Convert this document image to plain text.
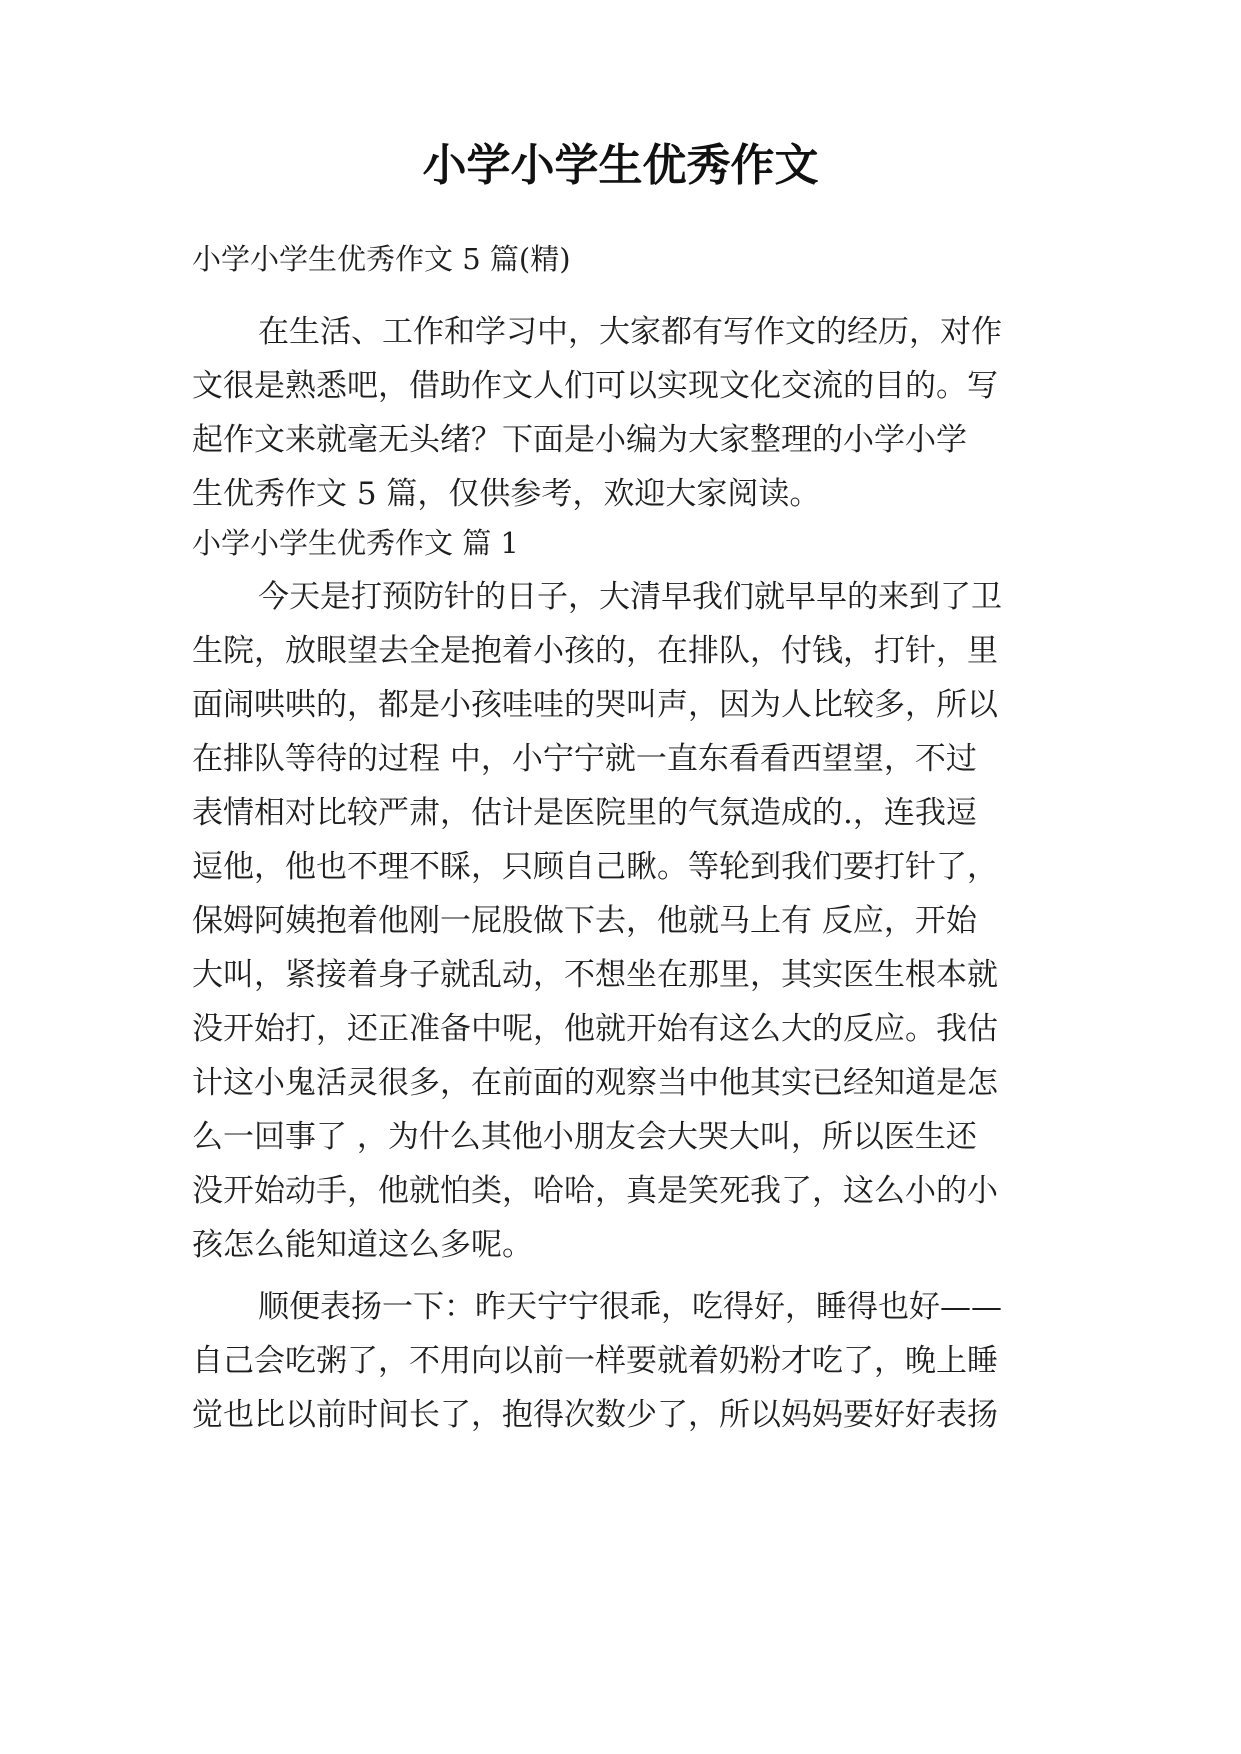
小学小学生优秀作文
小学小学生优秀作文 5 篇(精)
在生活、工作和学习中，大家都有写作文的经历，对作
文很是熟悉吧，借助作文人们可以实现文化交流的目的。写
起作文来就毫无头绪？下面是小编为大家整理的小学小学
生优秀作文 5 篇，仅供参考，欢迎大家阅读。
小学小学生优秀作文 篇 1
今天是打预防针的日子，大清早我们就早早的来到了卫
生院，放眼望去全是抱着小孩的，在排队，付钱，打针，里
面闹哄哄的，都是小孩哇哇的哭叫声，因为人比较多，所以
在排队等待的过程 中，小宁宁就一直东看看西望望，不过
表情相对比较严肃，估计是医院里的气氛造成的.，连我逗
逗他，他也不理不睬，只顾自己瞅。等轮到我们要打针了，
保姆阿姨抱着他刚一屁股做下去，他就马上有 反应，开始
大叫，紧接着身子就乱动，不想坐在那里，其实医生根本就
没开始打，还正准备中呢，他就开始有这么大的反应。我估
计这小鬼活灵很多，在前面的观察当中他其实已经知道是怎
么一回事了 ，为什么其他小朋友会大哭大叫，所以医生还
没开始动手，他就怕类，哈哈，真是笑死我了，这么小的小
孩怎么能知道这么多呢。
顺便表扬一下：昨天宁宁很乖，吃得好，睡得也好——
自己会吃粥了，不用向以前一样要就着奶粉才吃了，晚上睡
觉也比以前时间长了，抱得次数少了，所以妈妈要好好表扬
